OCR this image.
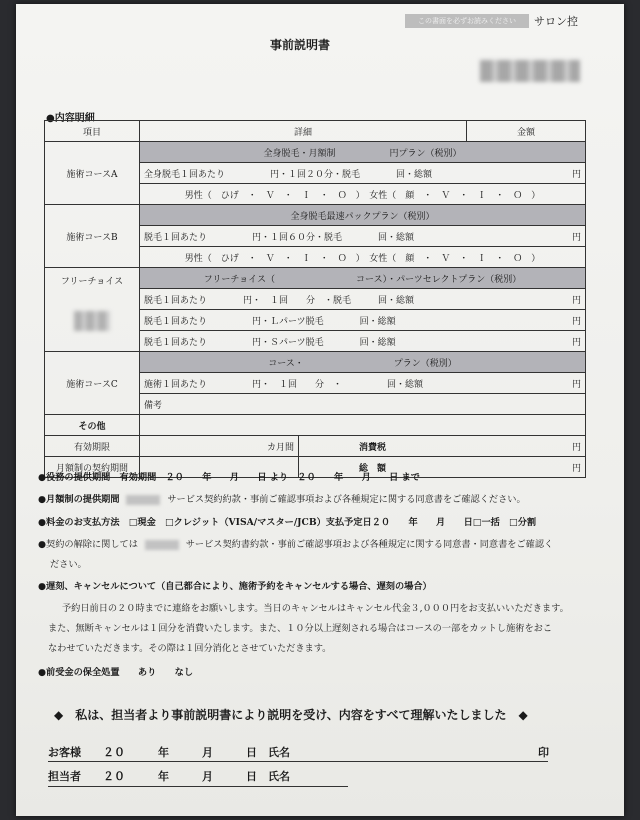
この書面を必ずお読みください	サロン控
事前説明書
●内容明細
項目	詳細		金額
施術コースA	全身脱毛・月額制　　　　　　円プラン（税別）		
	全身脱毛１回あたり　　　　　円・１回２０分・脱毛　　　　回・総額		円
	男性（　ひげ　・　Ｖ　・　Ｉ　・　Ｏ　）　女性（　顔　・　Ｖ　・　Ｉ　・　Ｏ　）		
施術コースB	全身脱毛最速パックプラン（税別）		
	脱毛１回あたり　　　　　円・１回６０分・脱毛　　　　回・総額		円
	男性（　ひげ　・　Ｖ　・　Ｉ　・　Ｏ　）　女性（　顔　・　Ｖ　・　Ｉ　・　Ｏ　）		
フリーチョイス	フリーチョイス（　　　　　　　　　コース）・パーツセレクトプラン（税別）		
	脱毛１回あたり　　　　円・　１回　　分　・脱毛　　　回・総額		円
	脱毛１回あたり　　　　　円・Ｌパーツ脱毛　　　　回・総額		円
	脱毛１回あたり　　　　　円・Ｓパーツ脱毛　　　　回・総額		円
施術コースC	コース・　　　　　　　　　　プラン（税別）		
	施術１回あたり　　　　　円・　１回　　分　・　　　　　回・総額		円
	備考		
その他			
有効期限	カ月間	消費税	円
月額制の契約期間		総　額	円
●役務の提供期間　有効期間　２０　　年　　月　　日 より　２０　　年　　月　　日 まで
●月額制の提供期間	サービス契約約款・事前ご確認事項および各種規定に関する同意書をご確認ください。
●料金のお支払方法　□現金　□クレジット（VISA/マスター/JCB）支払予定日２０　　年　　月　　日□一括　□分割
●契約の解除に関しては	サービス契約書約款・事前ご確認事項および各種規定に関する同意書・同意書をご確認く
ださい。
●遅刻、キャンセルについて（自己都合により、施術予約をキャンセルする場合、遅刻の場合）
予約日前日の２０時までに連絡をお願いします。当日のキャンセルはキャンセル代金３,０００円をお支払いいただきます。
また、無断キャンセルは１回分を消費いたします。また、１０分以上遅刻される場合はコースの一部をカットし施術をおこ
なわせていただきます。その際は１回分消化とさせていただきます。
●前受金の保全処置　　あり　　なし
◆　私は、担当者より事前説明書により説明を受け、内容をすべて理解いたしました　◆
お客様　　２０　　　年　　　月　　　日　氏名	印
担当者　　２０　　　年　　　月　　　日　氏名
